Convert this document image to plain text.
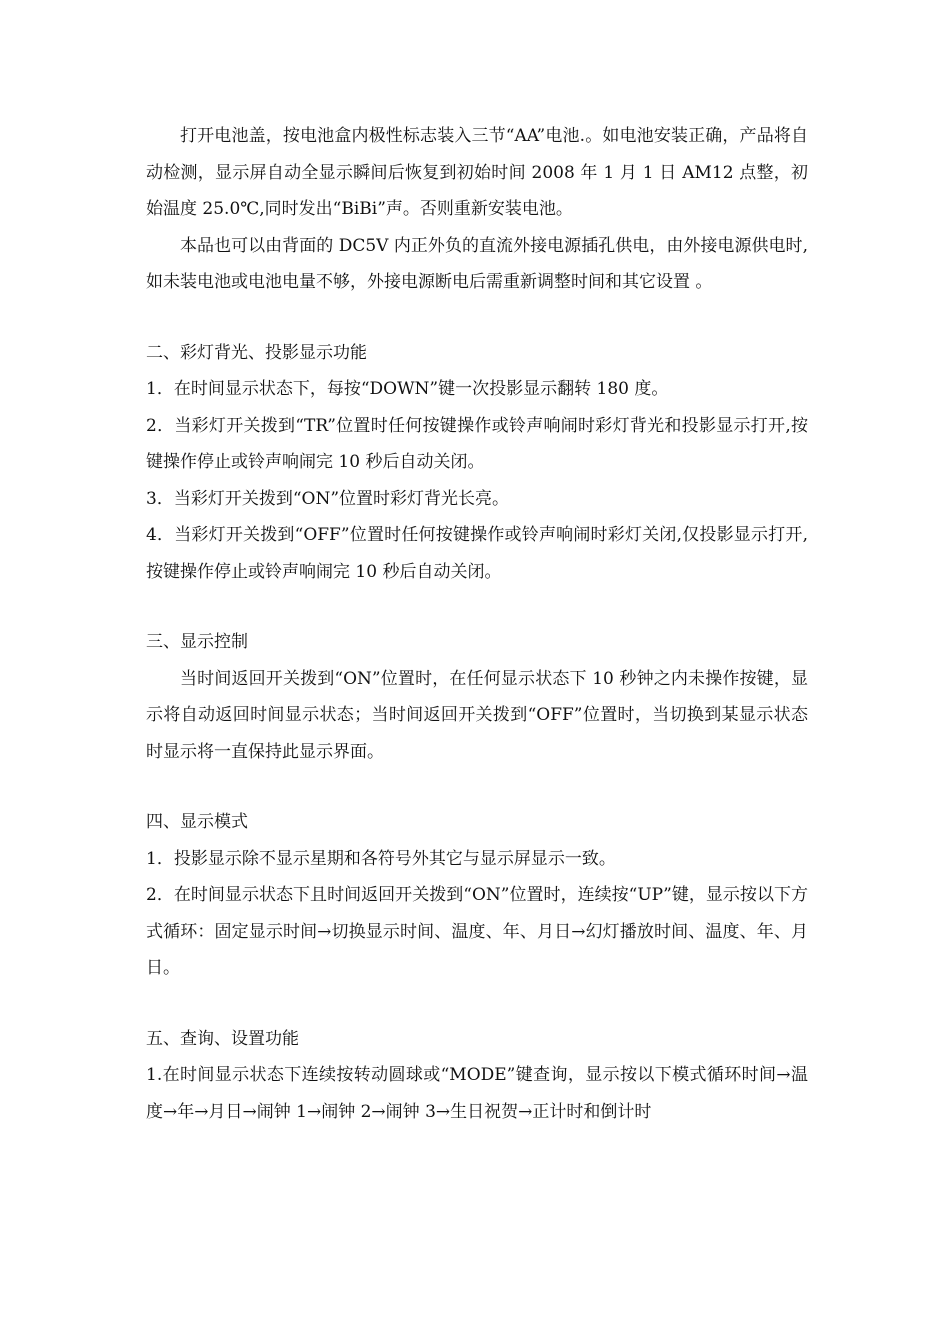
打开电池盖，按电池盒内极性标志装入三节“AA”电池.。如电池安装正确，产品将自动检测，显示屏自动全显示瞬间后恢复到初始时间 2008 年 1 月 1 日 AM12 点整，初始温度 25.0℃,同时发出“BiBi”声。否则重新安装电池。

本品也可以由背面的 DC5V 内正外负的直流外接电源插孔供电，由外接电源供电时,如未装电池或电池电量不够，外接电源断电后需重新调整时间和其它设置 。

二、彩灯背光、投影显示功能

1．在时间显示状态下，每按“DOWN”键一次投影显示翻转 180 度。

2．当彩灯开关拨到“TR”位置时任何按键操作或铃声响闹时彩灯背光和投影显示打开,按键操作停止或铃声响闹完 10 秒后自动关闭。

3．当彩灯开关拨到“ON”位置时彩灯背光长亮。

4．当彩灯开关拨到“OFF”位置时任何按键操作或铃声响闹时彩灯关闭,仅投影显示打开,按键操作停止或铃声响闹完 10 秒后自动关闭。

三、显示控制

当时间返回开关拨到“ON”位置时，在任何显示状态下 10 秒钟之内未操作按键，显示将自动返回时间显示状态；当时间返回开关拨到“OFF”位置时，当切换到某显示状态时显示将一直保持此显示界面。

四、显示模式

1．投影显示除不显示星期和各符号外其它与显示屏显示一致。

2．在时间显示状态下且时间返回开关拨到“ON”位置时，连续按“UP”键，显示按以下方式循环：固定显示时间→切换显示时间、温度、年、月日→幻灯播放时间、温度、年、月日。

五、查询、设置功能

1.在时间显示状态下连续按转动圆球或“MODE”键查询，显示按以下模式循环时间→温度→年→月日→闹钟 1→闹钟 2→闹钟 3→生日祝贺→正计时和倒计时
